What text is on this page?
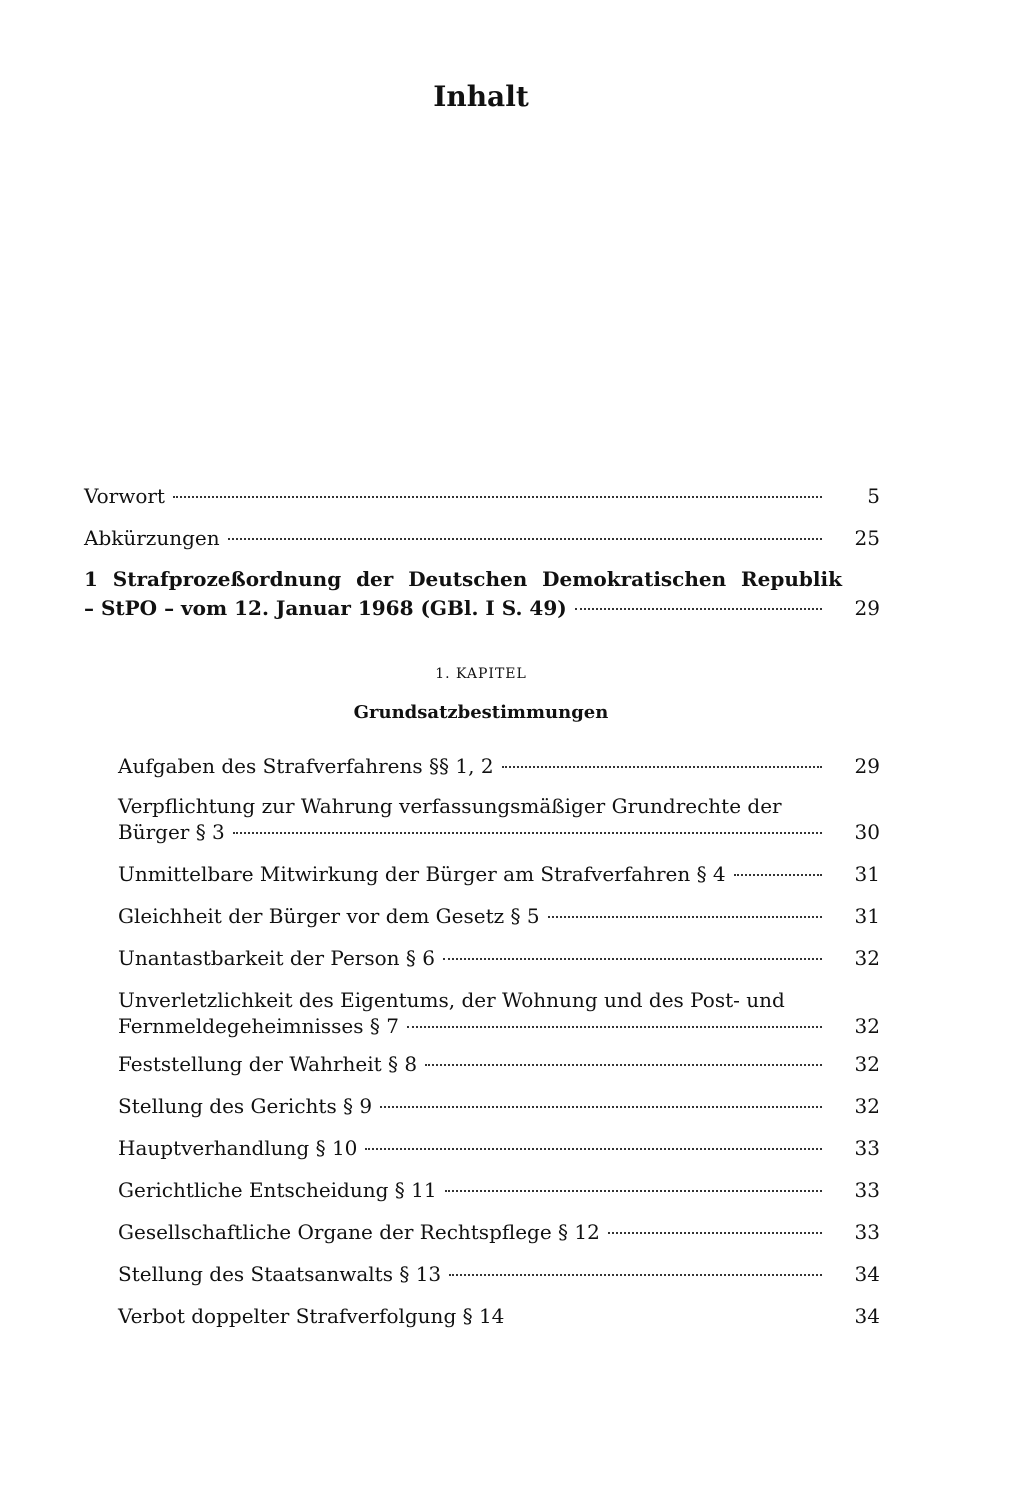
Inhalt
Vorwort	5
Abkürzungen	25
1 Strafprozeßordnung der Deutschen Demokratischen Republik
– StPO – vom 12. Januar 1968 (GBl. I S. 49)	29
1. KAPITEL
Grundsatzbestimmungen
Aufgaben des Strafverfahrens §§ 1, 2	29
Verpflichtung zur Wahrung verfassungsmäßiger Grundrechte der
Bürger § 3	30
Unmittelbare Mitwirkung der Bürger am Strafverfahren § 4	31
Gleichheit der Bürger vor dem Gesetz § 5	31
Unantastbarkeit der Person § 6	32
Unverletzlichkeit des Eigentums, der Wohnung und des Post- und
Fernmeldegeheimnisses § 7	32
Feststellung der Wahrheit § 8	32
Stellung des Gerichts § 9	32
Hauptverhandlung § 10	33
Gerichtliche Entscheidung § 11	33
Gesellschaftliche Organe der Rechtspflege § 12	33
Stellung des Staatsanwalts § 13	34
Verbot doppelter Strafverfolgung § 14	34
